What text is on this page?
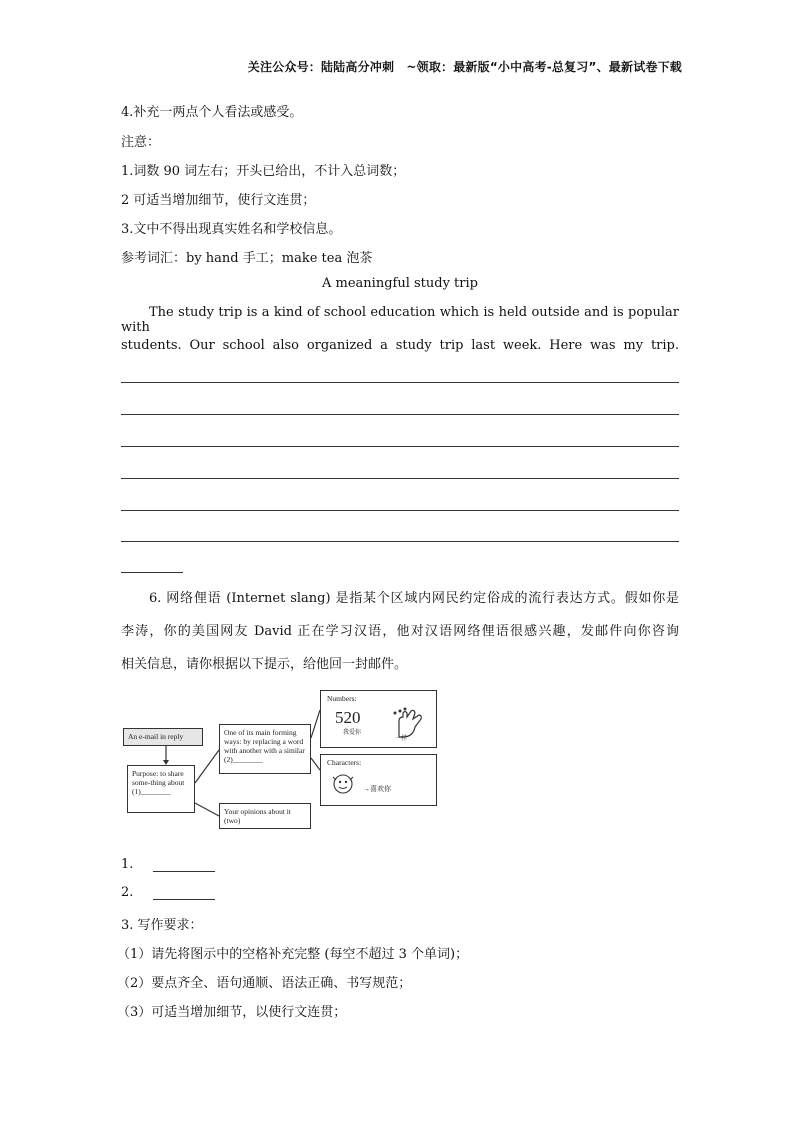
关注公众号：陆陆高分冲刺　~领取：最新版“小中高考-总复习”、最新试卷下载
4.补充一两点个人看法或感受。
注意：
1.词数 90 词左右；开头已给出，不计入总词数；
2 可适当增加细节，使行文连贯；
3.文中不得出现真实姓名和学校信息。
参考词汇：by hand 手工；make tea 泡茶
A meaningful study trip
The study trip is a kind of school education which is held outside and is popular with
students. Our school also organized a study trip last week. Here was my trip.
6. 网络俚语 (Internet slang) 是指某个区域内网民约定俗成的流行表达方式。假如你是
李涛，你的美国网友 David 正在学习汉语，他对汉语网络俚语很感兴趣，发邮件向你咨询
相关信息，请你根据以下提示，给他回一封邮件。
An e-mail in reply
Purpose: to share some-thing about (1)________
One of its main forming ways: by replacing a word with another with a similar (2)________
Your opinions about it (two)
Numbers:
520
我爱你
一样
Characters:
→喜欢你
1.
2.
3. 写作要求：
（1）请先将图示中的空格补充完整 (每空不超过 3 个单词)；
（2）要点齐全、语句通顺、语法正确、书写规范；
（3）可适当增加细节，以使行文连贯；
